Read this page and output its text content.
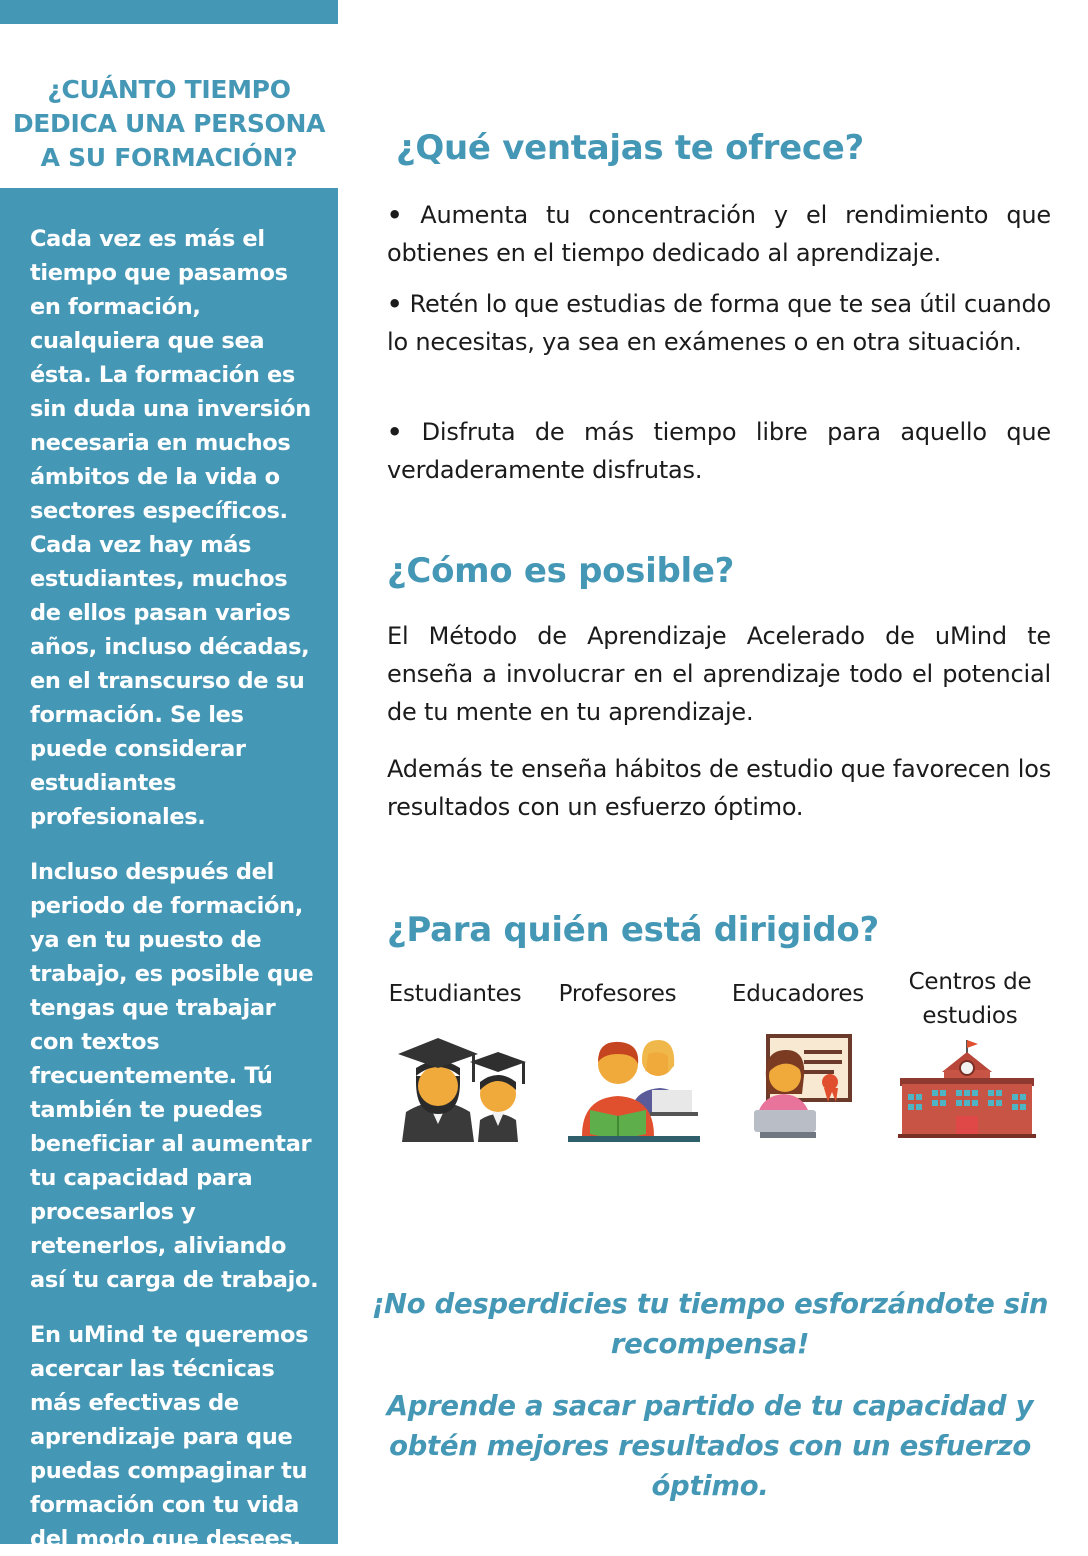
¿CUÁNTO TIEMPO
DEDICA UNA PERSONA
A SU FORMACIÓN?

Cada vez es más el tiempo que pasamos en formación, cualquiera que sea ésta. La formación es sin duda una inversión necesaria en muchos ámbitos de la vida o sectores específicos. Cada vez hay más estudiantes, muchos de ellos pasan varios años, incluso décadas, en el transcurso de su formación. Se les puede considerar estudiantes profesionales.

Incluso después del periodo de formación, ya en tu puesto de trabajo, es posible que tengas que trabajar con textos frecuentemente. Tú también te puedes beneficiar al aumentar tu capacidad para procesarlos y retenerlos, aliviando así tu carga de trabajo.

En uMind te queremos acercar las técnicas más efectivas de aprendizaje para que puedas compaginar tu formación con tu vida del modo que desees.

¿Qué ventajas te ofrece?

• Aumenta tu concentración y el rendimiento que obtienes en el tiempo dedicado al aprendizaje.

• Retén lo que estudias de forma que te sea útil cuando lo necesitas, ya sea en exámenes o en otra situación.

• Disfruta de más tiempo libre para aquello que verdaderamente disfrutas.

¿Cómo es posible?

El Método de Aprendizaje Acelerado de uMind te enseña a involucrar en el aprendizaje todo el potencial de tu mente en tu aprendizaje.

Además te enseña hábitos de estudio que favorecen los resultados con un esfuerzo óptimo.

¿Para quién está dirigido?
Estudiantes	Profesores	Educadores	Centros de estudios

¡No desperdicies tu tiempo esforzándote sin recompensa!

Aprende a sacar partido de tu capacidad y obtén mejores resultados con un esfuerzo óptimo.
